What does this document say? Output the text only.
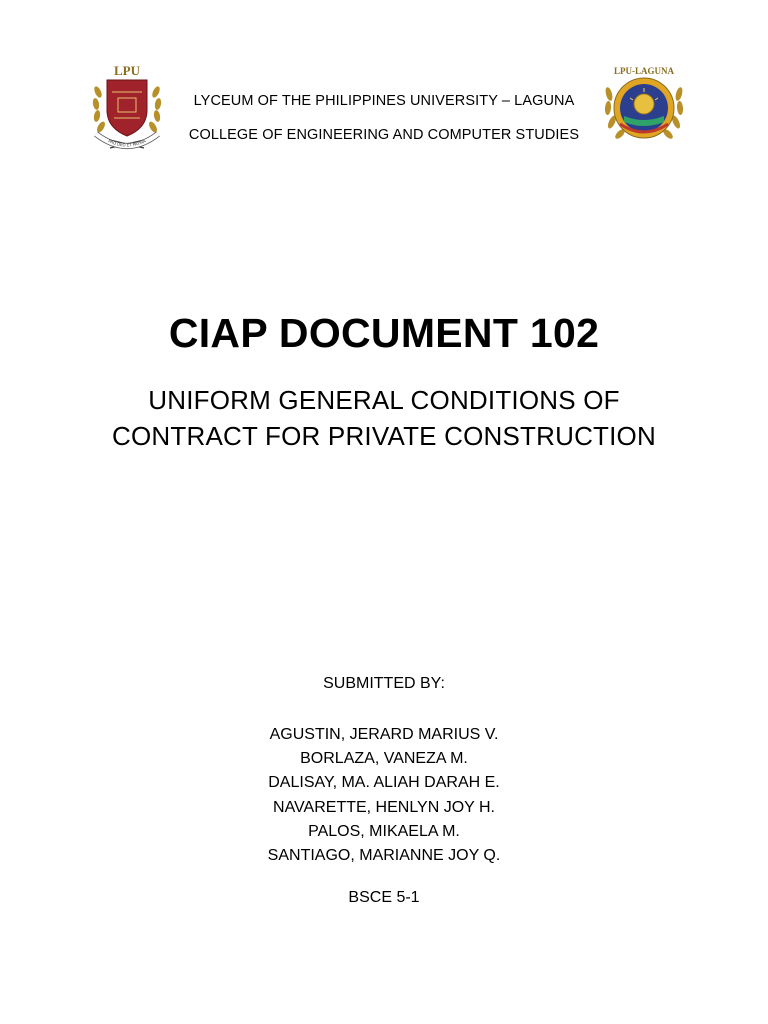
LPU
PRO DEO ET PATRIA
LPU-LAGUNA
LYCEUM OF THE PHILIPPINES UNIVERSITY – LAGUNA
COLLEGE OF ENGINEERING AND COMPUTER STUDIES
CIAP DOCUMENT 102
UNIFORM GENERAL CONDITIONS OF
CONTRACT FOR PRIVATE CONSTRUCTION
SUBMITTED BY:
AGUSTIN, JERARD MARIUS V.
BORLAZA, VANEZA M.
DALISAY, MA. ALIAH DARAH E.
NAVARETTE, HENLYN JOY H.
PALOS, MIKAELA M.
SANTIAGO, MARIANNE JOY Q.
BSCE 5-1
